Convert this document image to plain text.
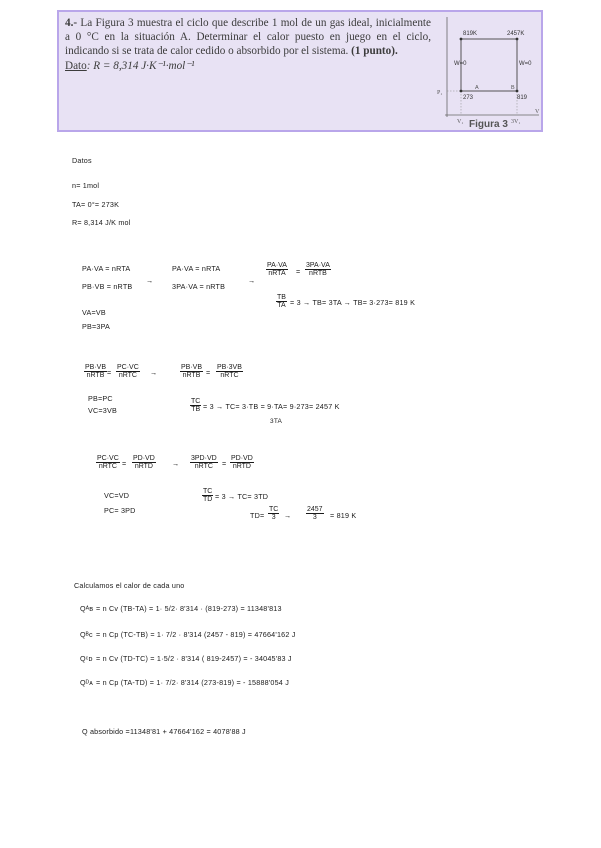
4.- La Figura 3 muestra el ciclo que describe 1 mol de un gas ideal, inicialmente a 0 °C en la situación A. Determinar el calor puesto en juego en el ciclo, indicando si se trata de calor cedido o absorbido por el sistema. (1 punto).
Dato: R = 8,314 J·K⁻¹·mol⁻¹
819K	2457K
W=0	W=0
273	819
A	B
P₁
V₁	3V₁
V
Figura 3
Datos
n= 1mol
TA= 0°= 273K
R= 8,314 J/K mol
PA·VA = nRTA
PB·VB = nRTB
→
PA·VA = nRTA
3PA·VA = nRTB
→
PA·VA
nRTA	=
3PA·VA
nRTB
VA=VB
PB=3PA
$\frac{TB}{TA} = 3 \to TB= 3TA \to TB= 3\cdot 273= 819$ K
PB·VB
nRTB =
PC·VC
nRTC	→
PB·VB
nRTB =
PB·3VB
nRTC
PB=PC
VC=3VB	$\frac{TC}{TB} = 3 \to TC= 3\cdot TB = 9\cdot TA= 9\cdot 273= 2457$ K
3TA
PC·VC
nRTC =
PD·VD
nRTD	→
3PD·VD
nRTC	=
PD·VD
nRTD
VC=VD
PC= 3PD
$\frac{TC}{TD} = 3 \to TC= 3TD$
$TD= \frac{TC}{3} \to \frac{2457}{3} = 819$ K
Calculamos el calor de cada uno
Qᴬʙ = n Cv (TB-TA) = 1· 5/2· 8'314 · (819-273) = 11348'813
Qᴮᴄ = n Cp (TC-TB) = 1· 7/2 · 8'314 (2457 - 819) = 47664'162 J
Qᶜᴅ = n Cv (TD-TC) = 1·5/2 · 8'314 ( 819-2457) = - 34045'83 J
Qᴰᴀ = n Cp (TA-TD) = 1· 7/2· 8'314 (273-819) = - 15888'054 J
Q absorbido =11348'81 + 47664'162 = 4078'88 J
